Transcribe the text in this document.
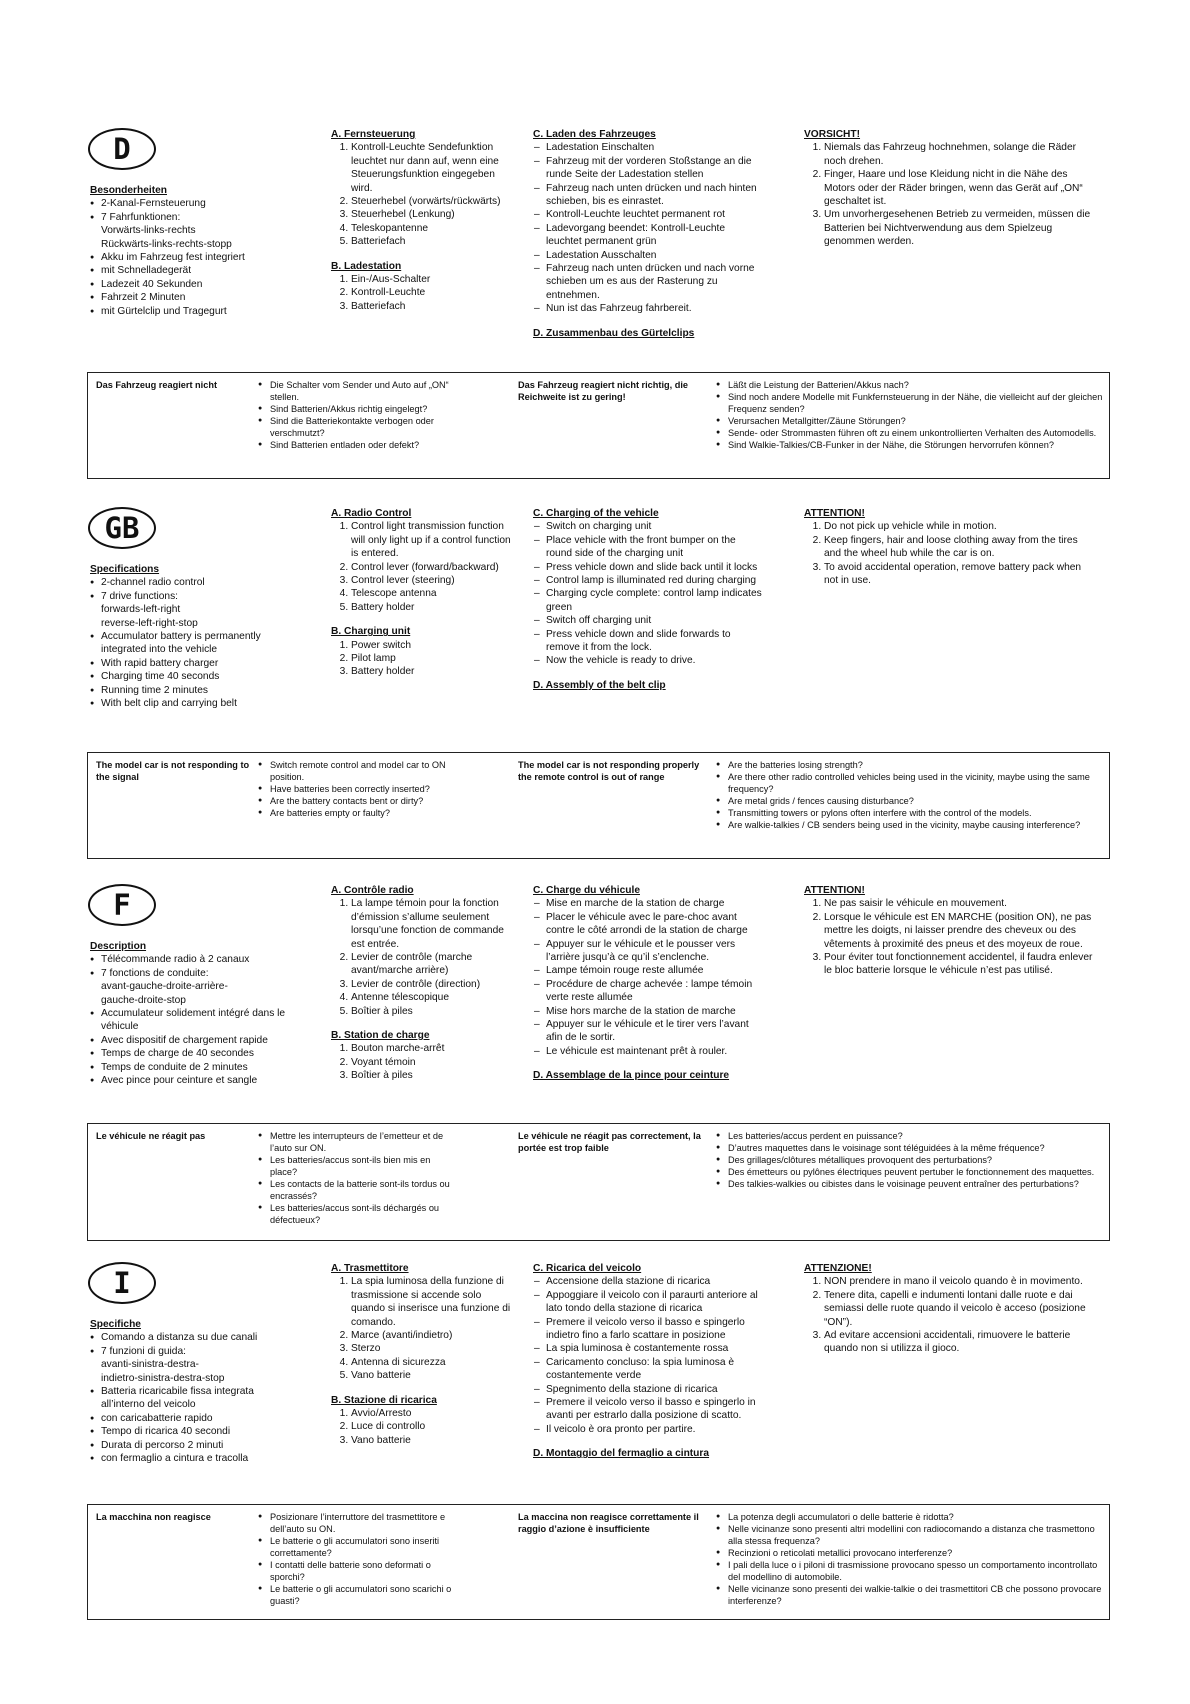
D
Besonderheiten
● 2-Kanal-Fernsteuerung
● 7 Fahrfunktionen:
Vorwärts-links-rechts
Rückwärts-links-rechts-stopp
● Akku im Fahrzeug fest integriert
● mit Schnelladegerät
● Ladezeit 40 Sekunden
● Fahrzeit 2 Minuten
● mit Gürtelclip und Tragegurt
A. Fernsteuerung
1. Kontroll-Leuchte Sendefunktion leuchtet nur dann auf, wenn eine Steuerungsfunktion eingegeben wird.
2. Steuerhebel (vorwärts/rückwärts)
3. Steuerhebel (Lenkung)
4. Teleskopantenne
5. Batteriefach
B. Ladestation
1. Ein-/Aus-Schalter
2. Kontroll-Leuchte
3. Batteriefach
C. Laden des Fahrzeuges
– Ladestation Einschalten
– Fahrzeug mit der vorderen Stoßstange an die runde Seite der Ladestation stellen
– Fahrzeug nach unten drücken und nach hinten schieben, bis es einrastet.
– Kontroll-Leuchte leuchtet permanent rot
– Ladevorgang beendet: Kontroll-Leuchte leuchtet permanent grün
– Ladestation Ausschalten
– Fahrzeug nach unten drücken und nach vorne schieben um es aus der Rasterung zu entnehmen.
– Nun ist das Fahrzeug fahrbereit.
D. Zusammenbau des Gürtelclips
VORSICHT!
1. Niemals das Fahrzeug hochnehmen, solange die Räder noch drehen.
2. Finger, Haare und lose Kleidung nicht in die Nähe des Motors oder der Räder bringen, wenn das Gerät auf „ON“ geschaltet ist.
3. Um unvorhergesehenen Betrieb zu vermeiden, müssen die Batterien bei Nichtverwendung aus dem Spielzeug genommen werden.
Das Fahrzeug reagiert nicht	● Die Schalter vom Sender und Auto auf „ON“ stellen.
● Sind Batterien/Akkus richtig eingelegt?
● Sind die Batteriekontakte verbogen oder verschmutzt?
● Sind Batterien entladen oder defekt?
Das Fahrzeug reagiert nicht richtig, die Reichweite ist zu gering!
● Läßt die Leistung der Batterien/Akkus nach?
● Sind noch andere Modelle mit Funkfernsteuerung in der Nähe, die vielleicht auf der gleichen Frequenz senden?
● Verursachen Metallgitter/Zäune Störungen?
● Sende- oder Strommasten führen oft zu einem unkontrollierten Verhalten des Automodells.
● Sind Walkie-Talkies/CB-Funker in der Nähe, die Störungen hervorrufen können?
GB
Specifications
● 2-channel radio control
● 7 drive functions:
forwards-left-right
reverse-left-right-stop
● Accumulator battery is permanently integrated into the vehicle
● With rapid battery charger
● Charging time 40 seconds
● Running time 2 minutes
● With belt clip and carrying belt
A. Radio Control
1. Control light transmission function will only light up if a control function is entered.
2. Control lever (forward/backward)
3. Control lever (steering)
4. Telescope antenna
5. Battery holder
B. Charging unit
1. Power switch
2. Pilot lamp
3. Battery holder
C. Charging of the vehicle
– Switch on charging unit
– Place vehicle with the front bumper on the round side of the charging unit
– Press vehicle down and slide back until it locks
– Control lamp is illuminated red during charging
– Charging cycle complete: control lamp indicates green
– Switch off charging unit
– Press vehicle down and slide forwards to remove it from the lock.
– Now the vehicle is ready to drive.
D. Assembly of the belt clip
ATTENTION!
1. Do not pick up vehicle while in motion.
2. Keep fingers, hair and loose clothing away from the tires and the wheel hub while the car is on.
3. To avoid accidental operation, remove battery pack when not in use.
The model car is not responding to the signal
● Switch remote control and model car to ON position.
● Have batteries been correctly inserted?
● Are the battery contacts bent or dirty?
● Are batteries empty or faulty?
The model car is not responding properly the remote control is out of range
● Are the batteries losing strength?
● Are there other radio controlled vehicles being used in the vicinity, maybe using the same frequency?
● Are metal grids / fences causing disturbance?
● Transmitting towers or pylons often interfere with the control of the models.
● Are walkie-talkies / CB senders being used in the vicinity, maybe causing interference?
F
Description
● Télécommande radio à 2 canaux
● 7 fonctions de conduite:
avant-gauche-droite-arrière-
gauche-droite-stop
● Accumulateur solidement intégré dans le véhicule
● Avec dispositif de chargement rapide
● Temps de charge de 40 secondes
● Temps de conduite de 2 minutes
● Avec pince pour ceinture et sangle
A. Contrôle radio
1. La lampe témoin pour la fonction d’émission s’allume seulement lorsqu’une fonction de commande est entrée.
2. Levier de contrôle (marche avant/marche arrière)
3. Levier de contrôle (direction)
4. Antenne télescopique
5. Boîtier à piles
B. Station de charge
1. Bouton marche-arrêt
2. Voyant témoin
3. Boîtier à piles
C. Charge du véhicule
– Mise en marche de la station de charge
– Placer le véhicule avec le pare-choc avant contre le côté arrondi de la station de charge
– Appuyer sur le véhicule et le pousser vers l’arrière jusqu’à ce qu’il s’enclenche.
– Lampe témoin rouge reste allumée
– Procédure de charge achevée : lampe témoin verte reste allumée
– Mise hors marche de la station de marche
– Appuyer sur le véhicule et le tirer vers l’avant afin de le sortir.
– Le véhicule est maintenant prêt à rouler.
D. Assemblage de la pince pour ceinture
ATTENTION!
1. Ne pas saisir le véhicule en mouvement.
2. Lorsque le véhicule est EN MARCHE (position ON), ne pas mettre les doigts, ni laisser prendre des cheveux ou des vêtements à proximité des pneus et des moyeux de roue.
3. Pour éviter tout fonctionnement accidentel, il faudra enlever le bloc batterie lorsque le véhicule n’est pas utilisé.
Le véhicule ne réagit pas	● Mettre les interrupteurs de l’emetteur et de l’auto sur ON.
● Les batteries/accus sont-ils bien mis en place?
● Les contacts de la batterie sont-ils tordus ou encrassés?
● Les batteries/accus sont-ils déchargés ou défectueux?
Le véhicule ne réagit pas correctement, la portée est trop faible
● Les batteries/accus perdent en puissance?
● D’autres maquettes dans le voisinage sont téléguidées à la même fréquence?
● Des grillages/clôtures métalliques provoquent des perturbations?
● Des émetteurs ou pylônes électriques peuvent pertuber le fonctionnement des maquettes.
● Des talkies-walkies ou cibistes dans le voisinage peuvent entraîner des perturbations?
I
Specifiche
● Comando a distanza su due canali
● 7 funzioni di guida:
avanti-sinistra-destra-
indietro-sinistra-destra-stop
● Batteria ricaricabile fissa integrata all’interno del veicolo
● con caricabatterie rapido
● Tempo di ricarica 40 secondi
● Durata di percorso 2 minuti
● con fermaglio a cintura e tracolla
A. Trasmettitore
1. La spia luminosa della funzione di trasmissione si accende solo quando si inserisce una funzione di comando.
2. Marce (avanti/indietro)
3. Sterzo
4. Antenna di sicurezza
5. Vano batterie
B. Stazione di ricarica
1. Avvio/Arresto
2. Luce di controllo
3. Vano batterie
C. Ricarica del veicolo
– Accensione della stazione di ricarica
– Appoggiare il veicolo con il paraurti anteriore al lato tondo della stazione di ricarica
– Premere il veicolo verso il basso e spingerlo indietro fino a farlo scattare in posizione
– La spia luminosa è costantemente rossa
– Caricamento concluso: la spia luminosa è costantemente verde
– Spegnimento della stazione di ricarica
– Premere il veicolo verso il basso e spingerlo in avanti per estrarlo dalla posizione di scatto.
– Il veicolo è ora pronto per partire.
D. Montaggio del fermaglio a cintura
ATTENZIONE!
1. NON prendere in mano il veicolo quando è in movimento.
2. Tenere dita, capelli e indumenti lontani dalle ruote e dai semiassi delle ruote quando il veicolo è acceso (posizione “ON”).
3. Ad evitare accensioni accidentali, rimuovere le batterie quando non si utilizza il gioco.
La macchina non reagisce	● Posizionare l’interruttore del trasmettitore e dell’auto su ON.
● Le batterie o gli accumulatori sono inseriti correttamente?
● I contatti delle batterie sono deformati o sporchi?
● Le batterie o gli accumulatori sono scarichi o guasti?
La maccina non reagisce correttamente il raggio d’azione è insufficiente
● La potenza degli accumulatori o delle batterie è ridotta?
● Nelle vicinanze sono presenti altri modellini con radiocomando a distanza che trasmettono alla stessa frequenza?
● Recinzioni o reticolati metallici provocano interferenze?
● I pali della luce o i piloni di trasmissione provocano spesso un comportamento incontrollato del modellino di automobile.
● Nelle vicinanze sono presenti dei walkie-talkie o dei trasmettitori CB che possono provocare interferenze?
